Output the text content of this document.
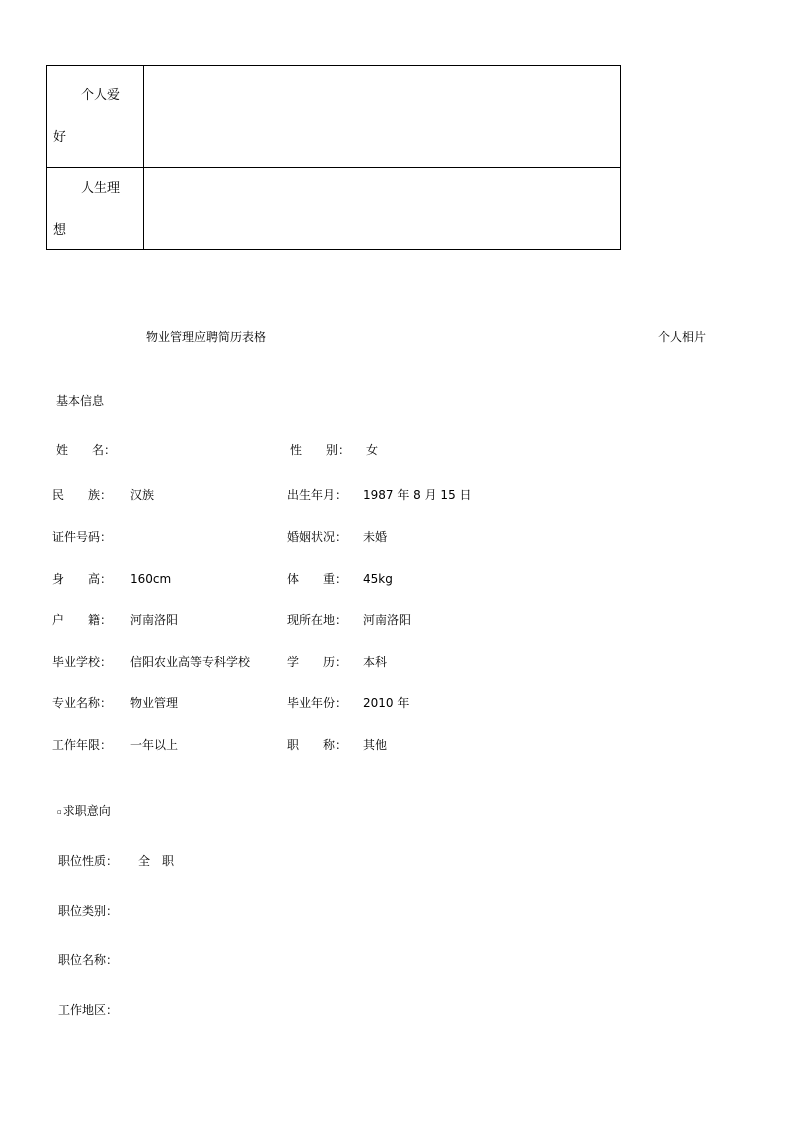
个人爱
好
人生理
想
物业管理应聘简历表格	个人相片
基本信息
姓　　名：	性　　别： 女
民　　族： 汉族	出生年月： 1987 年 8 月 15 日
证件号码：	婚姻状况： 未婚
身　　高： 160cm	体　　重： 45kg
户　　籍： 河南洛阳	现所在地： 河南洛阳
毕业学校： 信阳农业高等专科学校	学　　历： 本科
专业名称： 物业管理	毕业年份： 2010 年
工作年限： 一年以上	职　　称： 其他
▫求职意向
职位性质： 全　职
职位类别：
职位名称：
工作地区：
